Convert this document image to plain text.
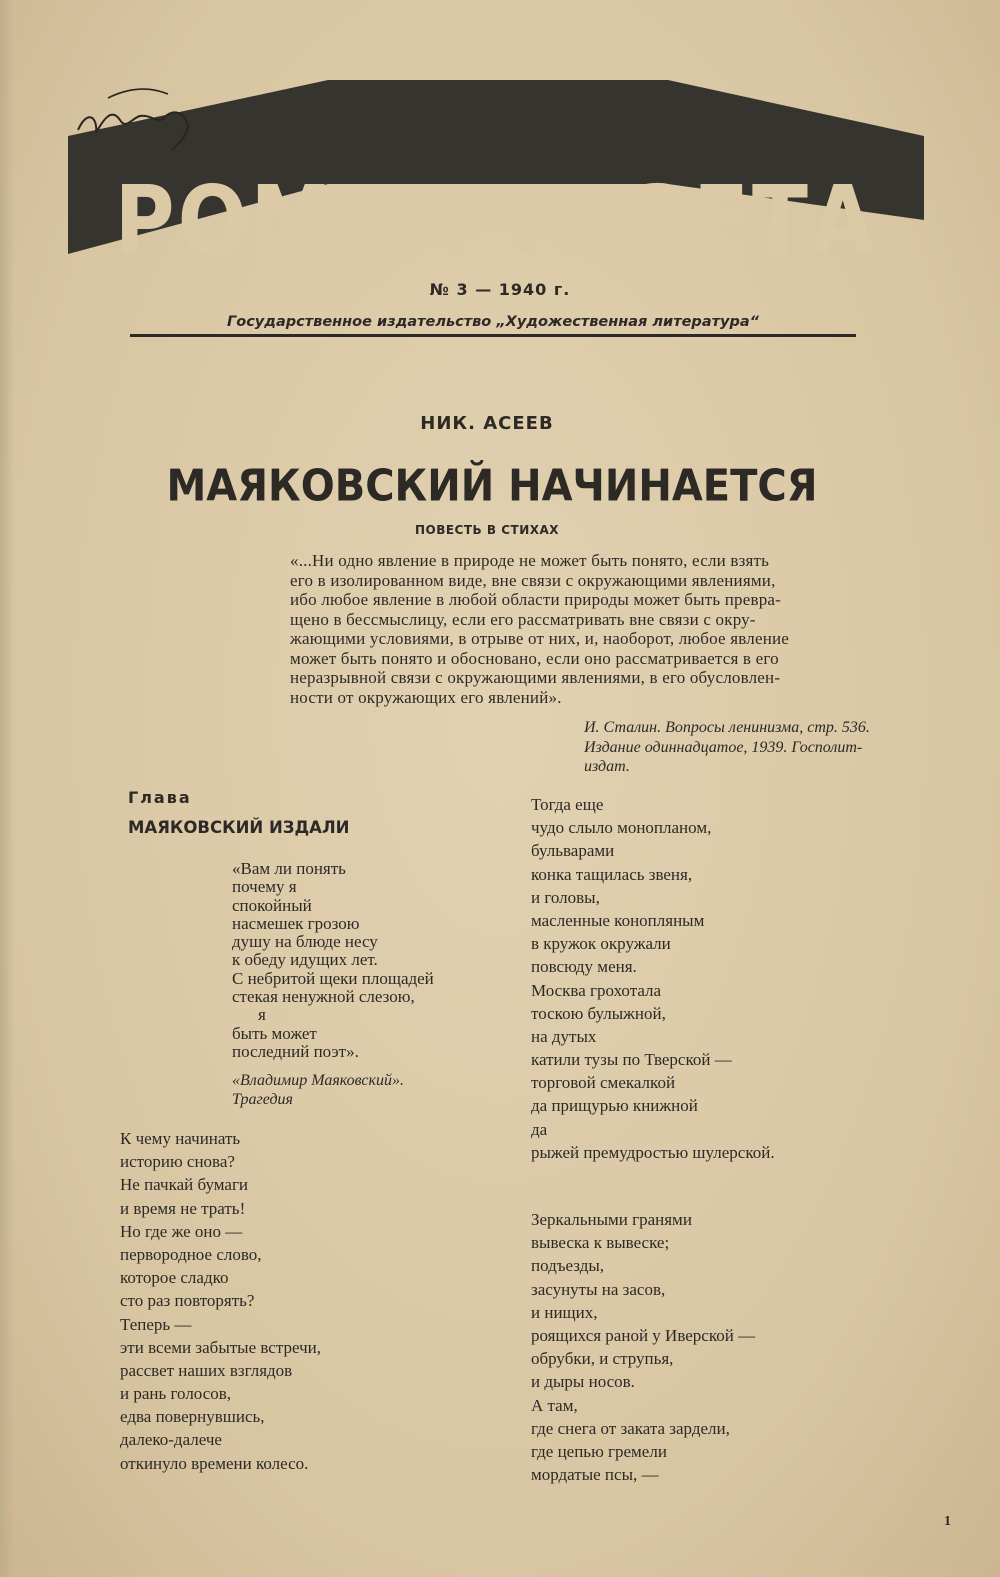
РОМАН-ГАЗЕТА
№ 3 — 1940 г.
Государственное издательство „Художественная литература“
НИК. АСЕЕВ
МАЯКОВСКИЙ НАЧИНАЕТСЯ
ПОВЕСТЬ В СТИХАХ
«...Ни одно явление в природе не может быть понято, если взять
его в изолированном виде, вне связи с окружающими явлениями,
ибо любое явление в любой области природы может быть превра-
щено в бессмыслицу, если его рассматривать вне связи с окру-
жающими условиями, в отрыве от них, и, наоборот, любое явление
может быть понято и обосновано, если оно рассматривается в его
неразрывной связи с окружающими явлениями, в его обусловлен-
ности от окружающих его явлений».
И. Сталин. Вопросы ленинизма, стр. 536.
Издание одиннадцатое, 1939. Госполит-
издат.
Глава
МАЯКОВСКИЙ ИЗДАЛИ
«Вам ли понять
почему я
спокойный
насмешек грозою
душу на блюде несу
к обеду идущих лет.
С небритой щеки площадей
стекая ненужной слезою,
я
быть может
последний поэт».
«Владимир Маяковский».
Трагедия
К чему начинать
историю снова?
Не пачкай бумаги
и время не трать!
Но где же оно —
первородное слово,
которое сладко
сто раз повторять?
Теперь —
эти всеми забытые встречи,
рассвет наших взглядов
и рань голосов,
едва повернувшись,
далеко-далече
откинуло времени колесо.
Тогда еще
чудо слыло монопланом,
бульварами
конка тащилась звеня,
и головы,
масленные конопляным
в кружок окружали
повсюду меня.
Москва грохотала
тоскою булыжной,
на дутых
катили тузы по Тверской —
торговой смекалкой
да прищурью книжной
да
рыжей премудростью шулерской.
Зеркальными гранями
вывеска к вывеске;
подъезды,
засунуты на засов,
и нищих,
роящихся раной у Иверской —
обрубки, и струпья,
и дыры носов.
А там,
где снега от заката зардели,
где цепью гремели
мордатые псы, —
1
